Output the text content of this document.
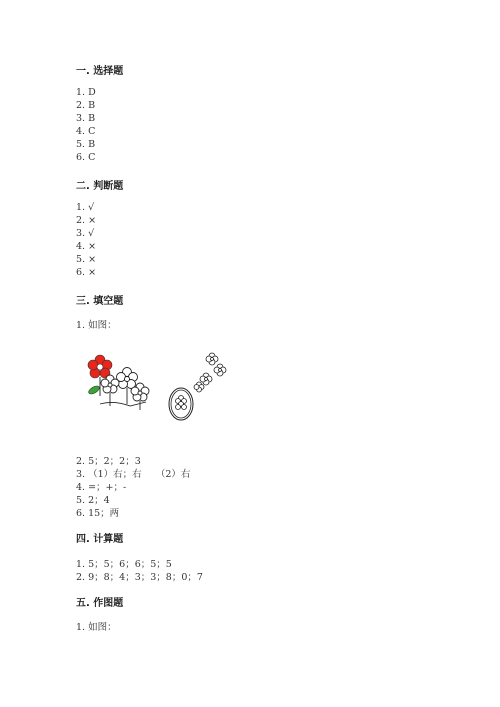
一. 选择题
1. D
2. B
3. B
4. C
5. B
6. C
二. 判断题
1. √
2. ×
3. √
4. ×
5. ×
6. ×
三. 填空题
1. 如图：
2. 5；2；2；3
3. （1）右；右　　（2）右
4. =；+；-
5. 2；4
6. 15；两
四. 计算题
1. 5；5；6；6；5；5
2. 9；8；4；3；3；8；0；7
五. 作图题
1. 如图：
